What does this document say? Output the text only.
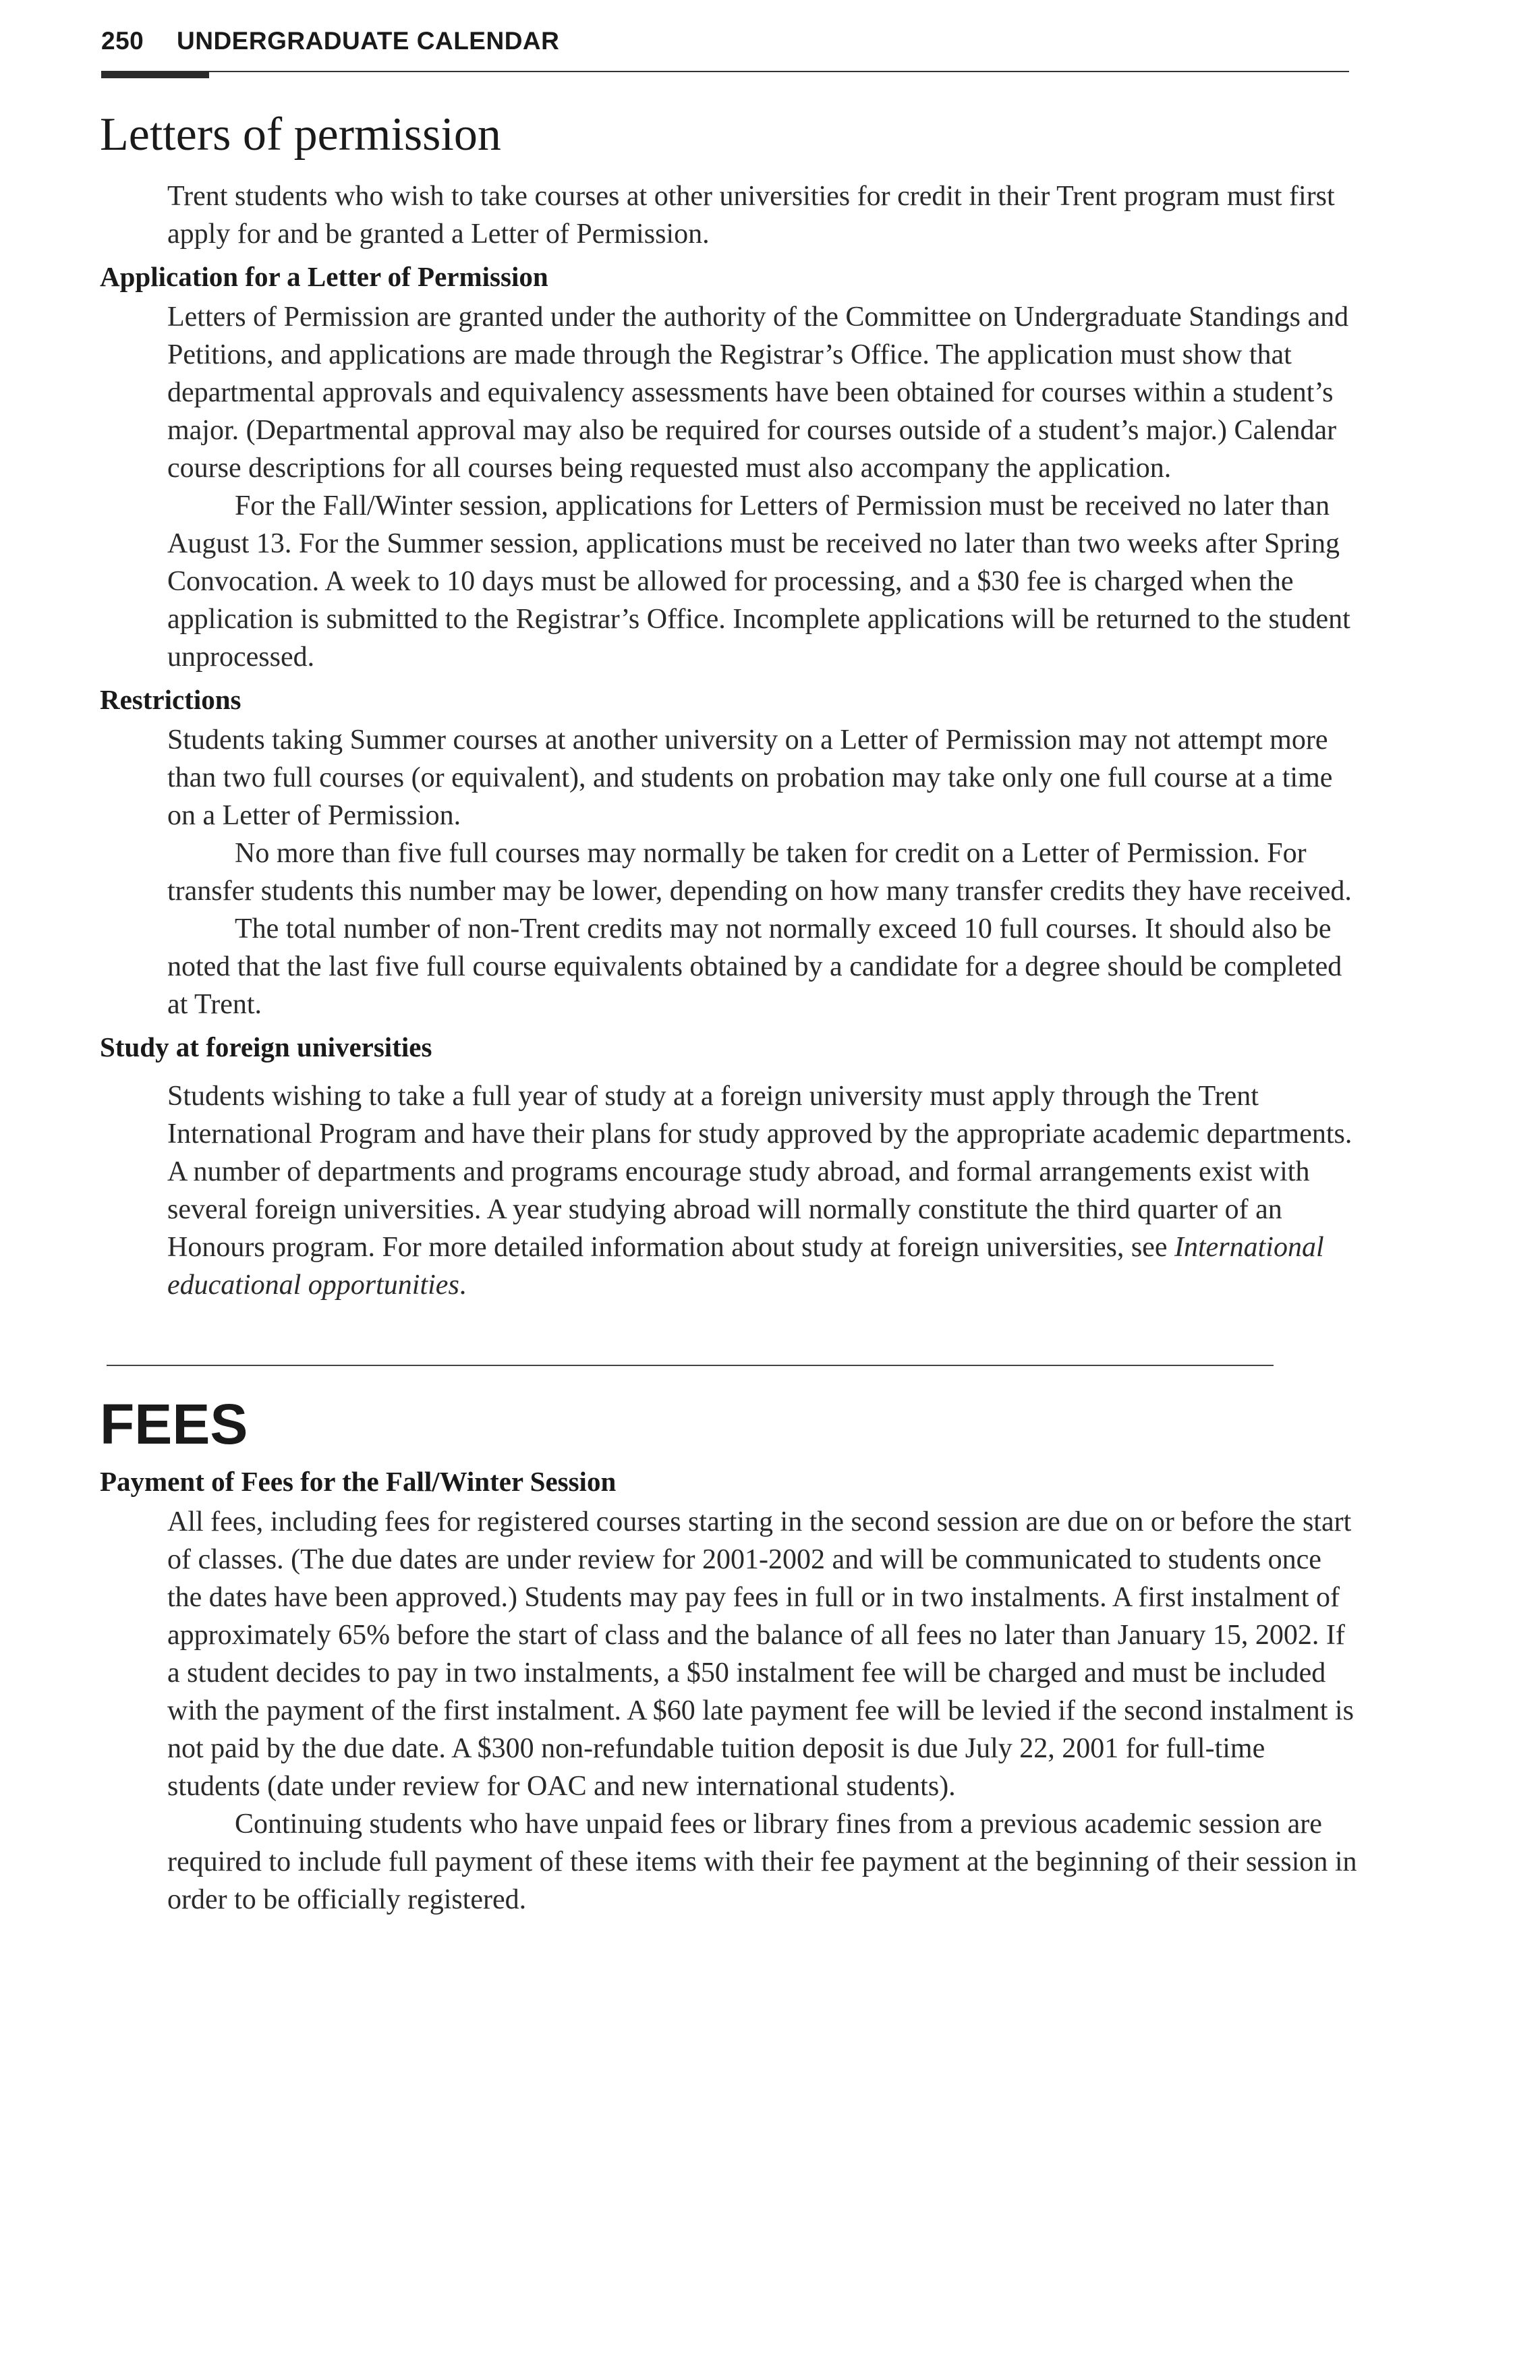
250 UNDERGRADUATE CALENDAR
Letters of permission

Trent students who wish to take courses at other universities for credit in their Trent program must first apply for and be granted a Letter of Permission.

Application for a Letter of Permission

Letters of Permission are granted under the authority of the Committee on Undergraduate Standings and Petitions, and applications are made through the Registrar’s Office. The application must show that departmental approvals and equivalency assessments have been obtained for courses within a student’s major. (Departmental approval may also be required for courses outside of a student’s major.) Calendar course descriptions for all courses being requested must also accompany the application.

For the Fall/Winter session, applications for Letters of Permission must be received no later than August 13. For the Summer session, applications must be received no later than two weeks after Spring Convocation. A week to 10 days must be allowed for processing, and a $30 fee is charged when the application is submitted to the Registrar’s Office. Incomplete applications will be returned to the student unprocessed.

Restrictions

Students taking Summer courses at another university on a Letter of Permission may not attempt more than two full courses (or equivalent), and students on probation may take only one full course at a time on a Letter of Permission.

No more than five full courses may normally be taken for credit on a Letter of Permission. For transfer students this number may be lower, depending on how many transfer credits they have received.

The total number of non-Trent credits may not normally exceed 10 full courses. It should also be noted that the last five full course equivalents obtained by a candidate for a degree should be completed at Trent.

Study at foreign universities

Students wishing to take a full year of study at a foreign university must apply through the Trent International Program and have their plans for study approved by the appropriate academic departments. A number of departments and programs encourage study abroad, and formal arrangements exist with several foreign universities. A year studying abroad will normally constitute the third quarter of an Honours program. For more detailed information about study at foreign universities, see International educational opportunities.

FEES
Payment of Fees for the Fall/Winter Session

All fees, including fees for registered courses starting in the second session are due on or before the start of classes. (The due dates are under review for 2001-2002 and will be communicated to students once the dates have been approved.) Students may pay fees in full or in two instalments. A first instalment of approximately 65% before the start of class and the balance of all fees no later than January 15, 2002. If a student decides to pay in two instalments, a $50 instalment fee will be charged and must be included with the payment of the first instalment. A $60 late payment fee will be levied if the second instalment is not paid by the due date. A $300 non-refundable tuition deposit is due July 22, 2001 for full-time students (date under review for OAC and new international students).

Continuing students who have unpaid fees or library fines from a previous academic session are required to include full payment of these items with their fee payment at the beginning of their session in order to be officially registered.
